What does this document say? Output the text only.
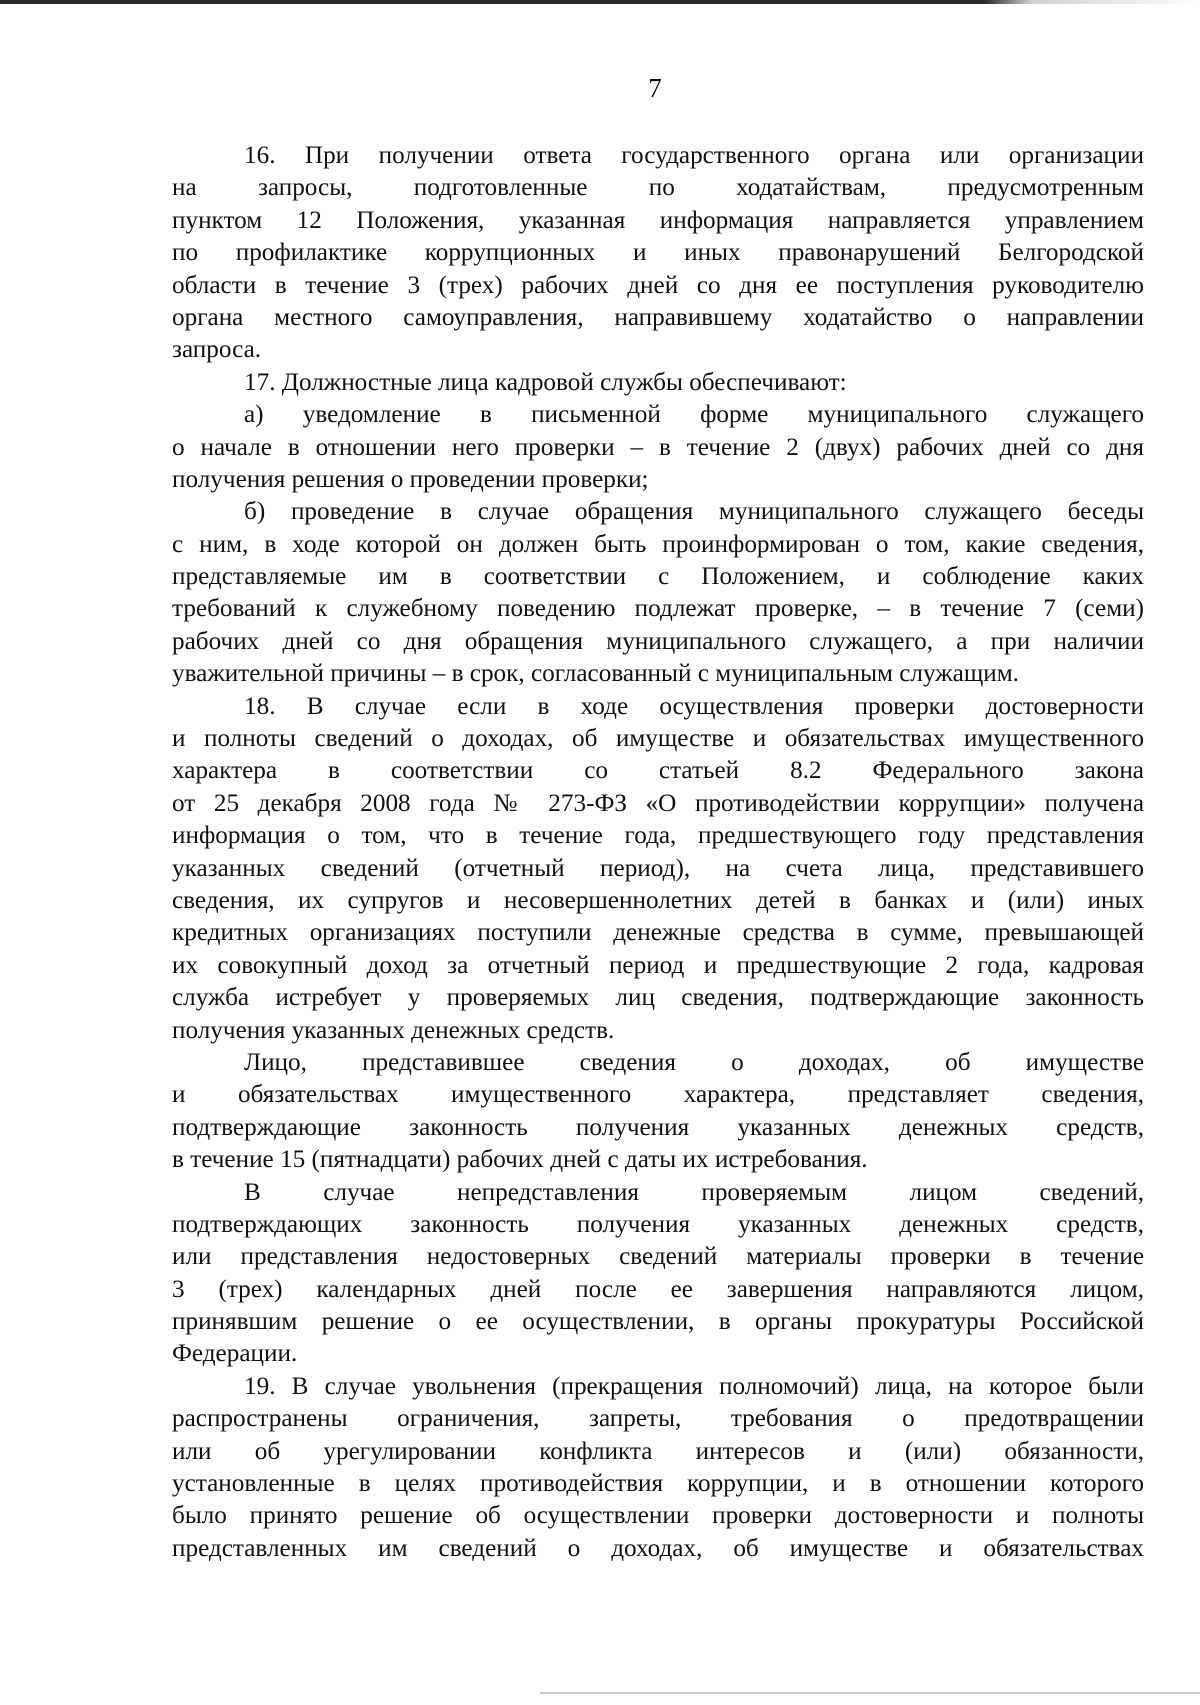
7
16. При получении ответа государственного органа или организации
на запросы, подготовленные по ходатайствам, предусмотренным
пунктом 12 Положения, указанная информация направляется управлением
по профилактике коррупционных и иных правонарушений Белгородской
области в течение 3 (трех) рабочих дней со дня ее поступления руководителю
органа местного самоуправления, направившему ходатайство о направлении
запроса.
17. Должностные лица кадровой службы обеспечивают:
а) уведомление в письменной форме муниципального служащего
о начале в отношении него проверки – в течение 2 (двух) рабочих дней со дня
получения решения о проведении проверки;
б) проведение в случае обращения муниципального служащего беседы
с ним, в ходе которой он должен быть проинформирован о том, какие сведения,
представляемые им в соответствии с Положением, и соблюдение каких
требований к служебному поведению подлежат проверке, – в течение 7 (семи)
рабочих дней со дня обращения муниципального служащего, а при наличии
уважительной причины – в срок, согласованный с муниципальным служащим.
18. В случае если в ходе осуществления проверки достоверности
и полноты сведений о доходах, об имуществе и обязательствах имущественного
характера в соответствии со статьей 8.2 Федерального закона
от 25 декабря 2008 года № 273-ФЗ «О противодействии коррупции» получена
информация о том, что в течение года, предшествующего году представления
указанных сведений (отчетный период), на счета лица, представившего
сведения, их супругов и несовершеннолетних детей в банках и (или) иных
кредитных организациях поступили денежные средства в сумме, превышающей
их совокупный доход за отчетный период и предшествующие 2 года, кадровая
служба истребует у проверяемых лиц сведения, подтверждающие законность
получения указанных денежных средств.
Лицо, представившее сведения о доходах, об имуществе
и обязательствах имущественного характера, представляет сведения,
подтверждающие законность получения указанных денежных средств,
в течение 15 (пятнадцати) рабочих дней с даты их истребования.
В случае непредставления проверяемым лицом сведений,
подтверждающих законность получения указанных денежных средств,
или представления недостоверных сведений материалы проверки в течение
3 (трех) календарных дней после ее завершения направляются лицом,
принявшим решение о ее осуществлении, в органы прокуратуры Российской
Федерации.
19. В случае увольнения (прекращения полномочий) лица, на которое были
распространены ограничения, запреты, требования о предотвращении
или об урегулировании конфликта интересов и (или) обязанности,
установленные в целях противодействия коррупции, и в отношении которого
было принято решение об осуществлении проверки достоверности и полноты
представленных им сведений о доходах, об имуществе и обязательствах
